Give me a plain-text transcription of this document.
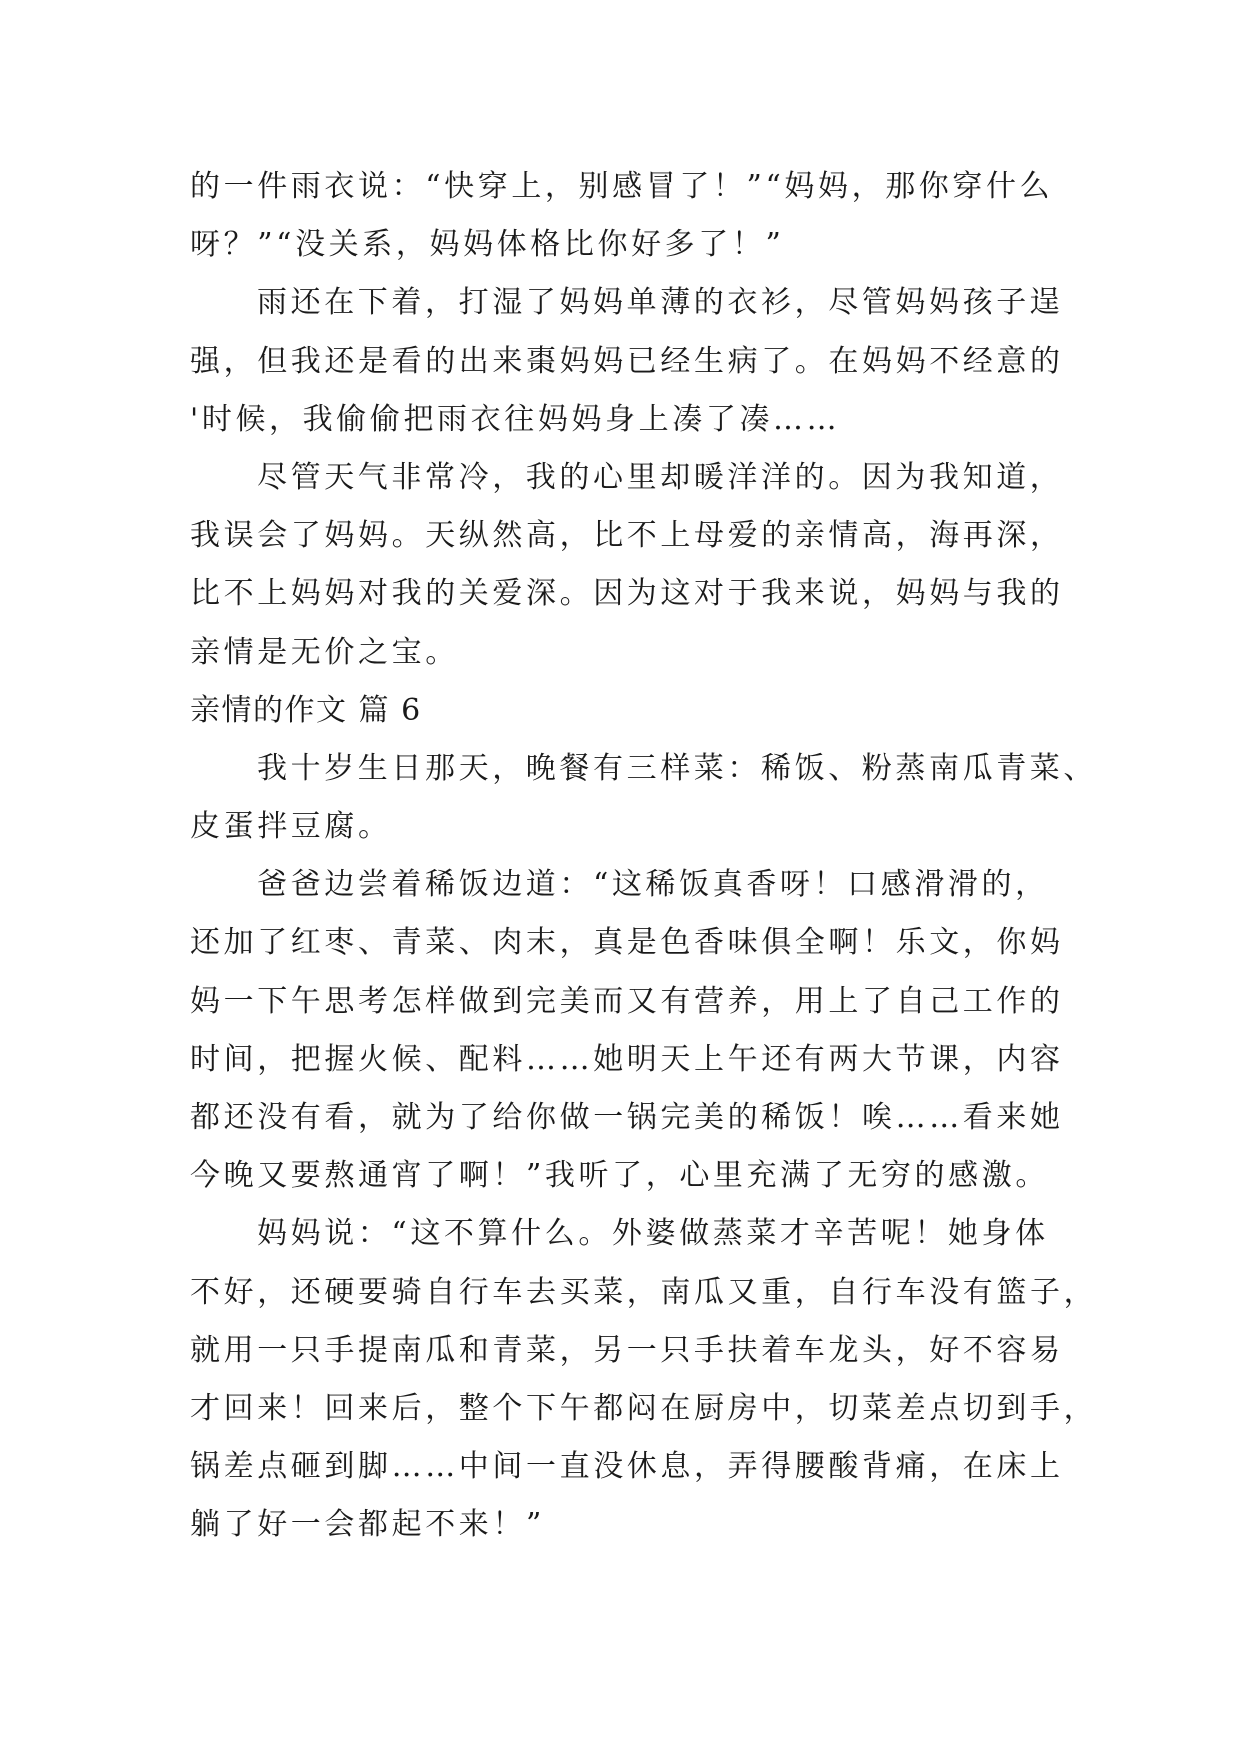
的一件雨衣说：“快穿上，别感冒了！”“妈妈，那你穿什么
呀？”“没关系，妈妈体格比你好多了！”
雨还在下着，打湿了妈妈单薄的衣衫，尽管妈妈孩子逞
强，但我还是看的出来棗妈妈已经生病了。在妈妈不经意的
'时候，我偷偷把雨衣往妈妈身上凑了凑……
尽管天气非常冷，我的心里却暖洋洋的。因为我知道，
我误会了妈妈。天纵然高，比不上母爱的亲情高，海再深，
比不上妈妈对我的关爱深。因为这对于我来说，妈妈与我的
亲情是无价之宝。
亲情的作文 篇 6
我十岁生日那天，晚餐有三样菜：稀饭、粉蒸南瓜青菜、
皮蛋拌豆腐。
爸爸边尝着稀饭边道：“这稀饭真香呀！口感滑滑的，
还加了红枣、青菜、肉末，真是色香味俱全啊！乐文，你妈
妈一下午思考怎样做到完美而又有营养，用上了自己工作的
时间，把握火候、配料……她明天上午还有两大节课，内容
都还没有看，就为了给你做一锅完美的稀饭！唉……看来她
今晚又要熬通宵了啊！”我听了，心里充满了无穷的感激。
妈妈说：“这不算什么。外婆做蒸菜才辛苦呢！她身体
不好，还硬要骑自行车去买菜，南瓜又重，自行车没有篮子，
就用一只手提南瓜和青菜，另一只手扶着车龙头，好不容易
才回来！回来后，整个下午都闷在厨房中，切菜差点切到手，
锅差点砸到脚……中间一直没休息，弄得腰酸背痛，在床上
躺了好一会都起不来！”
